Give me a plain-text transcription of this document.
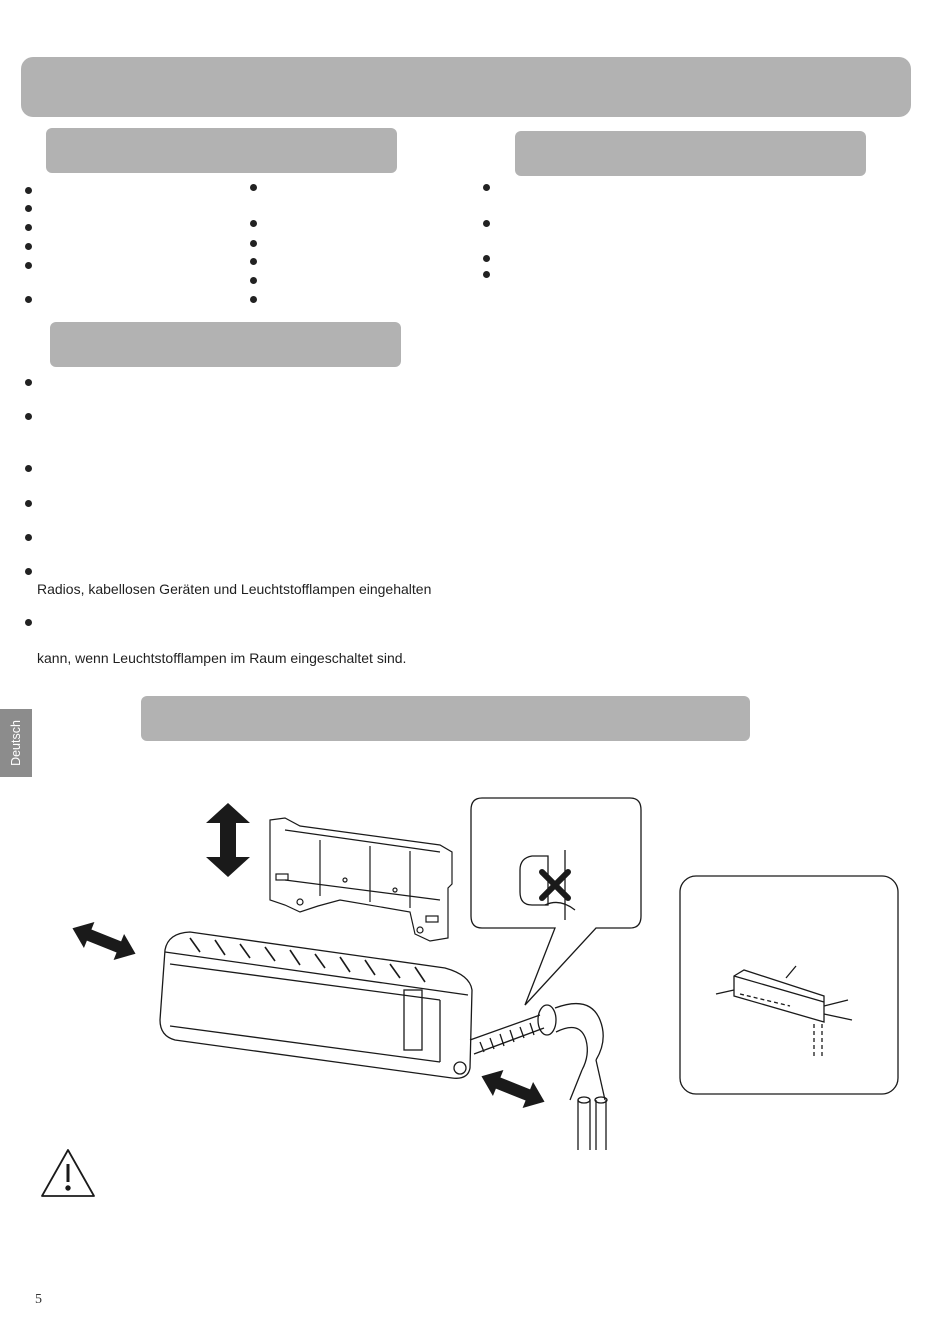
Radios, kabellosen Geräten und Leuchtstofflampen eingehalten
kann, wenn Leuchtstofflampen im Raum eingeschaltet sind.
Deutsch
5
